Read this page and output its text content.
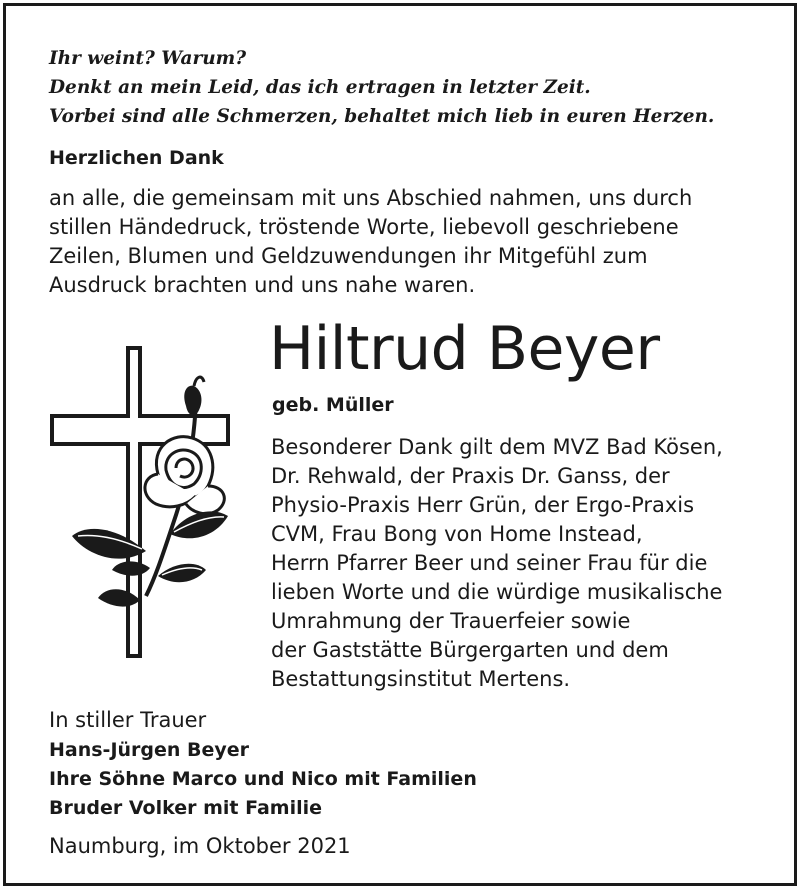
Ihr weint? Warum?
Denkt an mein Leid, das ich ertragen in letzter Zeit.
Vorbei sind alle Schmerzen, behaltet mich lieb in euren Herzen.
Herzlichen Dank
an alle, die gemeinsam mit uns Abschied nahmen, uns durch
stillen Händedruck, tröstende Worte, liebevoll geschriebene
Zeilen, Blumen und Geldzuwendungen ihr Mitgefühl zum
Ausdruck brachten und uns nahe waren.
Hiltrud Beyer
geb. Müller
Besonderer Dank gilt dem MVZ Bad Kösen,
Dr. Rehwald, der Praxis Dr. Ganss, der
Physio-Praxis Herr Grün, der Ergo-Praxis
CVM, Frau Bong von Home Instead,
Herrn Pfarrer Beer und seiner Frau für die
lieben Worte und die würdige musikalische
Umrahmung der Trauerfeier sowie
der Gaststätte Bürgergarten und dem
Bestattungsinstitut Mertens.
In stiller Trauer
Hans-Jürgen Beyer
Ihre Söhne Marco und Nico mit Familien
Bruder Volker mit Familie
Naumburg, im Oktober 2021
